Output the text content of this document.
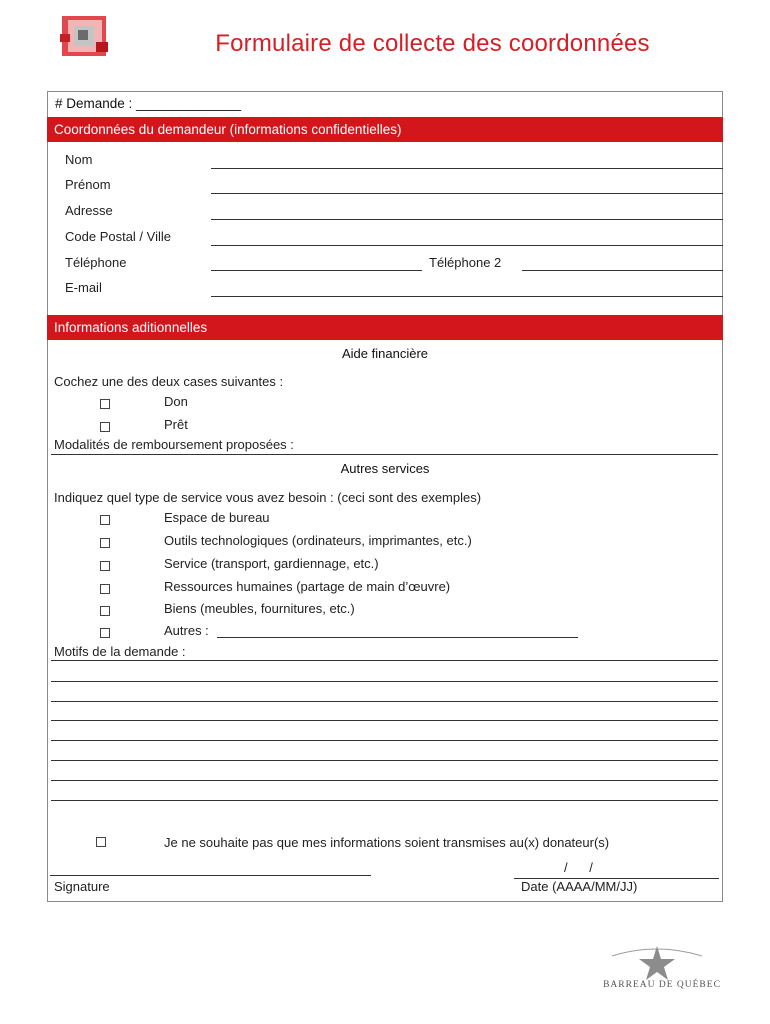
Formulaire de collecte des coordonnées
# Demande : ______________
Coordonnées du demandeur (informations confidentielles)
Nom
Prénom
Adresse
Code Postal / Ville
Téléphone	Téléphone 2
E-mail
Informations aditionnelles
Aide financière
Cochez une des deux cases suivantes :
Don
Prêt
Modalités de remboursement proposées :
Autres services
Indiquez quel type de service vous avez besoin : (ceci sont des exemples)
Espace de bureau
Outils technologiques (ordinateurs, imprimantes, etc.)
Service (transport, gardiennage, etc.)
Ressources humaines (partage de main d’œuvre)
Biens (meubles, fournitures, etc.)
Autres :
Motifs de la demande :
Je ne souhaite pas que mes informations soient transmises au(x) donateur(s)
/      /
Signature	Date (AAAA/MM/JJ)
BARREAU DE QUÉBEC
